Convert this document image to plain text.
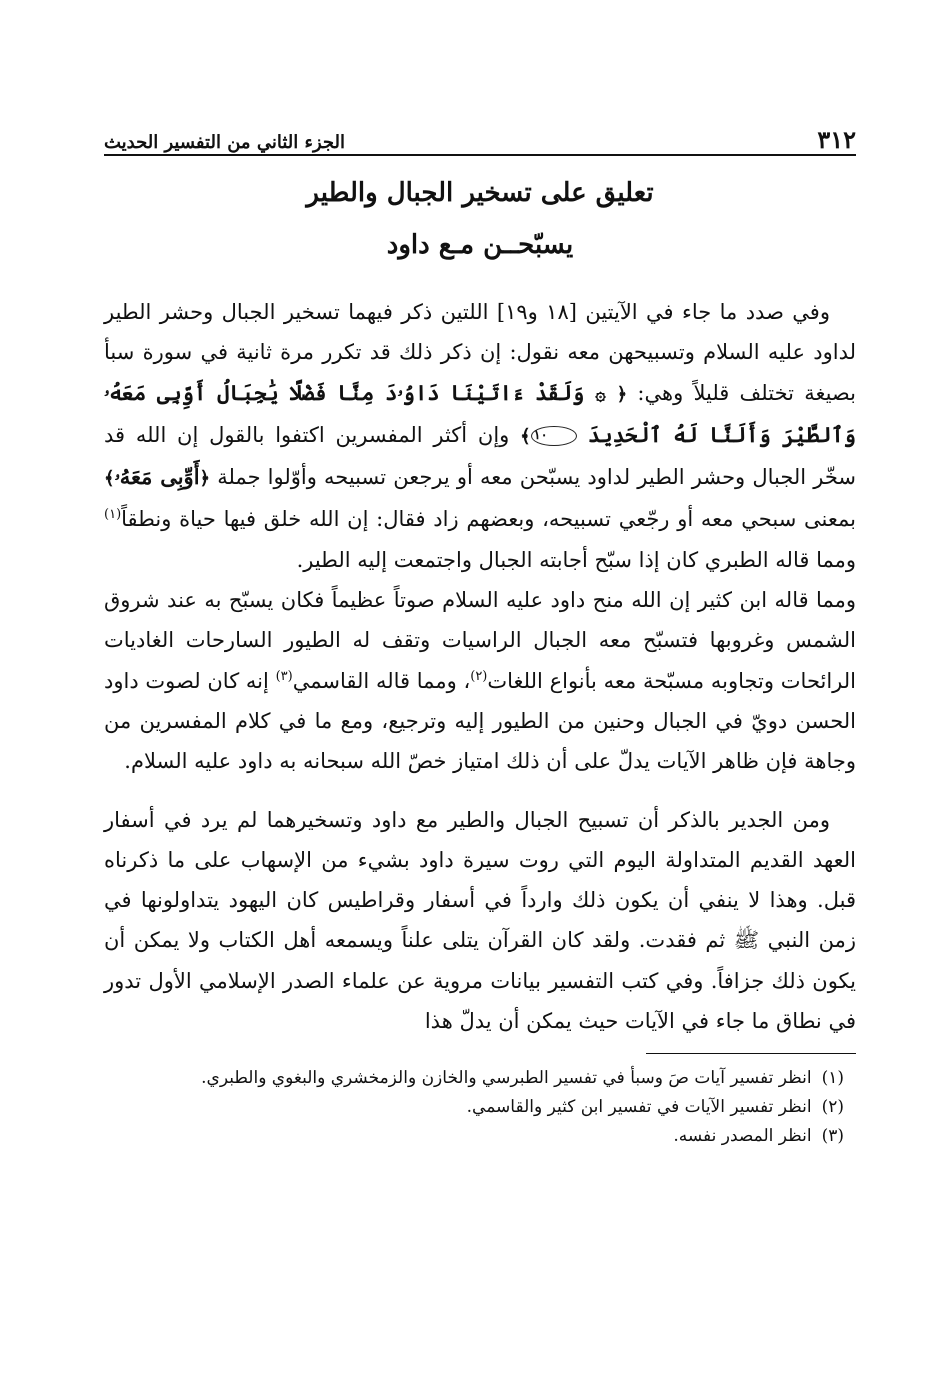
٣١٢
الجزء الثاني من التفسير الحديث
تعليق على تسخير الجبال والطير
يسبّحــن مـع داود

وفي صدد ما جاء في الآيتين [١٨ و١٩] اللتين ذكر فيهما تسخير الجبال وحشر الطير لداود عليه السلام وتسبيحهن معه نقول: إن ذكر ذلك قد تكرر مرة ثانية في سورة سبأ بصيغة تختلف قليلاً وهي: ﴿ ۞ وَلَقَدْ ءَاتَيْنَا دَاوُۥدَ مِنَّا فَضْلًا يَٰجِبَالُ أَوِّبِى مَعَهُۥ وَٱلطَّيْرَ وَأَلَنَّا لَهُ ٱلْحَدِيدَ ١٠﴾ وإن أكثر المفسرين اكتفوا بالقول إن الله قد سخّر الجبال وحشر الطير لداود يسبّحن معه أو يرجعن تسبيحه وأوّلوا جملة ﴿أَوِّبِى مَعَهُۥ﴾ بمعنى سبحي معه أو رجّعي تسبيحه، وبعضهم زاد فقال: إن الله خلق فيها حياة ونطقاً$^{(١)}$ ومما قاله الطبري كان إذا سبّح أجابته الجبال واجتمعت إليه الطير.

ومما قاله ابن كثير إن الله منح داود عليه السلام صوتاً عظيماً فكان يسبّح به عند شروق الشمس وغروبها فتسبّح معه الجبال الراسيات وتقف له الطيور السارحات الغاديات الرائحات وتجاوبه مسبّحة معه بأنواع اللغات$^{(٢)}$، ومما قاله القاسمي$^{(٣)}$ إنه كان لصوت داود الحسن دويّ في الجبال وحنين من الطيور إليه وترجيع، ومع ما في كلام المفسرين من وجاهة فإن ظاهر الآيات يدلّ على أن ذلك امتياز خصّ الله سبحانه به داود عليه السلام.

ومن الجدير بالذكر أن تسبيح الجبال والطير مع داود وتسخيرهما لم يرد في أسفار العهد القديم المتداولة اليوم التي روت سيرة داود بشيء من الإسهاب على ما ذكرناه قبل. وهذا لا ينفي أن يكون ذلك وارداً في أسفار وقراطيس كان اليهود يتداولونها في زمن النبي ﷺ ثم فقدت. ولقد كان القرآن يتلى علناً ويسمعه أهل الكتاب ولا يمكن أن يكون ذلك جزافاً. وفي كتب التفسير بيانات مروية عن علماء الصدر الإسلامي الأول تدور في نطاق ما جاء في الآيات حيث يمكن أن يدلّ هذا

(١)انظر تفسير آيات صَ وسبأ في تفسير الطبرسي والخازن والزمخشري والبغوي والطبري.
(٢)انظر تفسير الآيات في تفسير ابن كثير والقاسمي.
(٣)انظر المصدر نفسه.
